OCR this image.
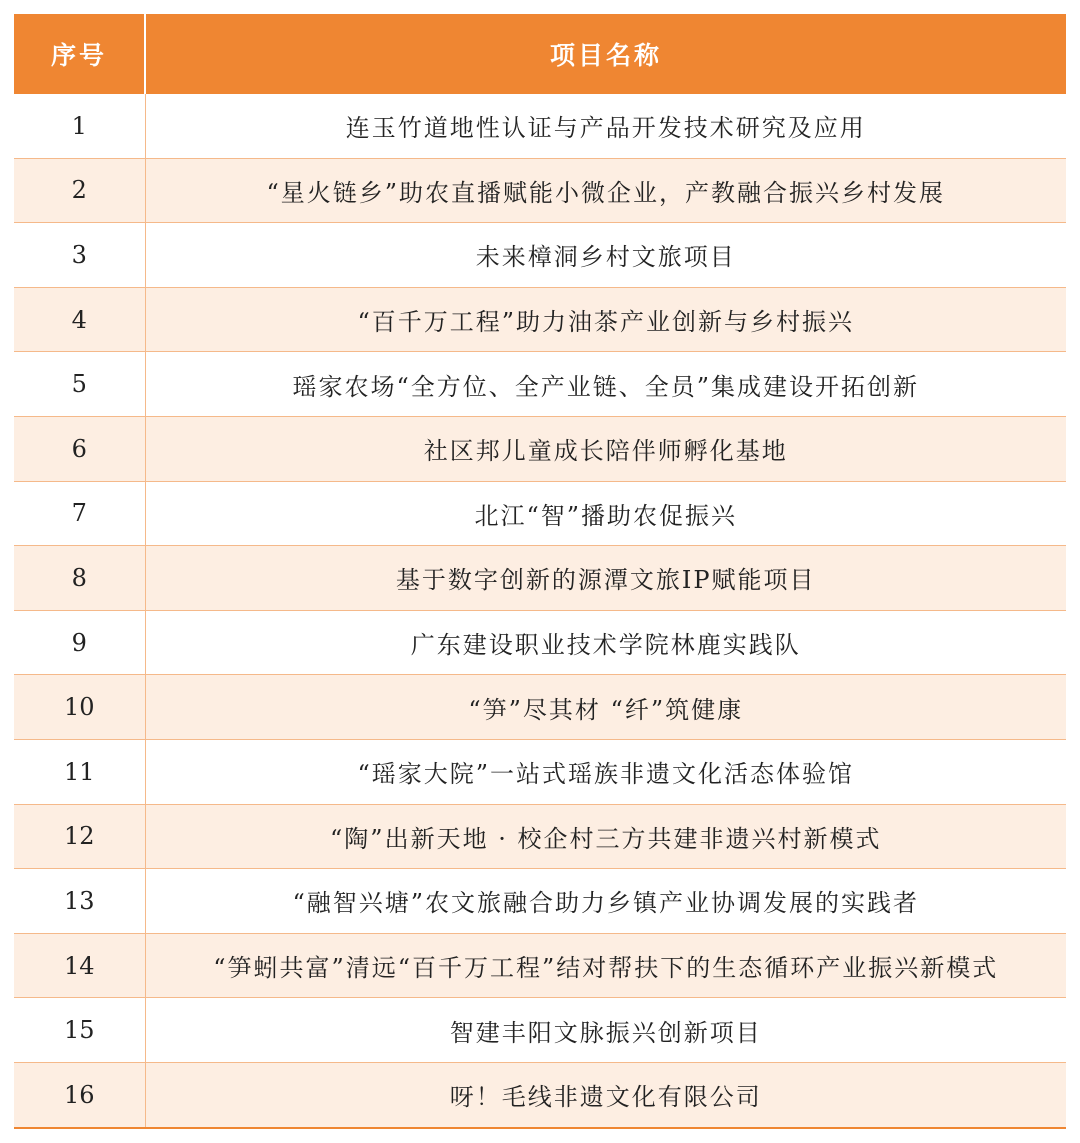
序号	项目名称
1	连玉竹道地性认证与产品开发技术研究及应用
2	“星火链乡”助农直播赋能小微企业，产教融合振兴乡村发展
3	未来樟洞乡村文旅项目
4	“百千万工程”助力油茶产业创新与乡村振兴
5	瑶家农场“全方位、全产业链、全员”集成建设开拓创新
6	社区邦儿童成长陪伴师孵化基地
7	北江“智”播助农促振兴
8	基于数字创新的源潭文旅IP赋能项目
9	广东建设职业技术学院林鹿实践队
10	“笋”尽其材 “纤”筑健康
11	“瑶家大院”一站式瑶族非遗文化活态体验馆
12	“陶”出新天地 · 校企村三方共建非遗兴村新模式
13	“融智兴塘”农文旅融合助力乡镇产业协调发展的实践者
14	“笋蚓共富”清远“百千万工程”结对帮扶下的生态循环产业振兴新模式
15	智建丰阳文脉振兴创新项目
16	呀！毛线非遗文化有限公司
